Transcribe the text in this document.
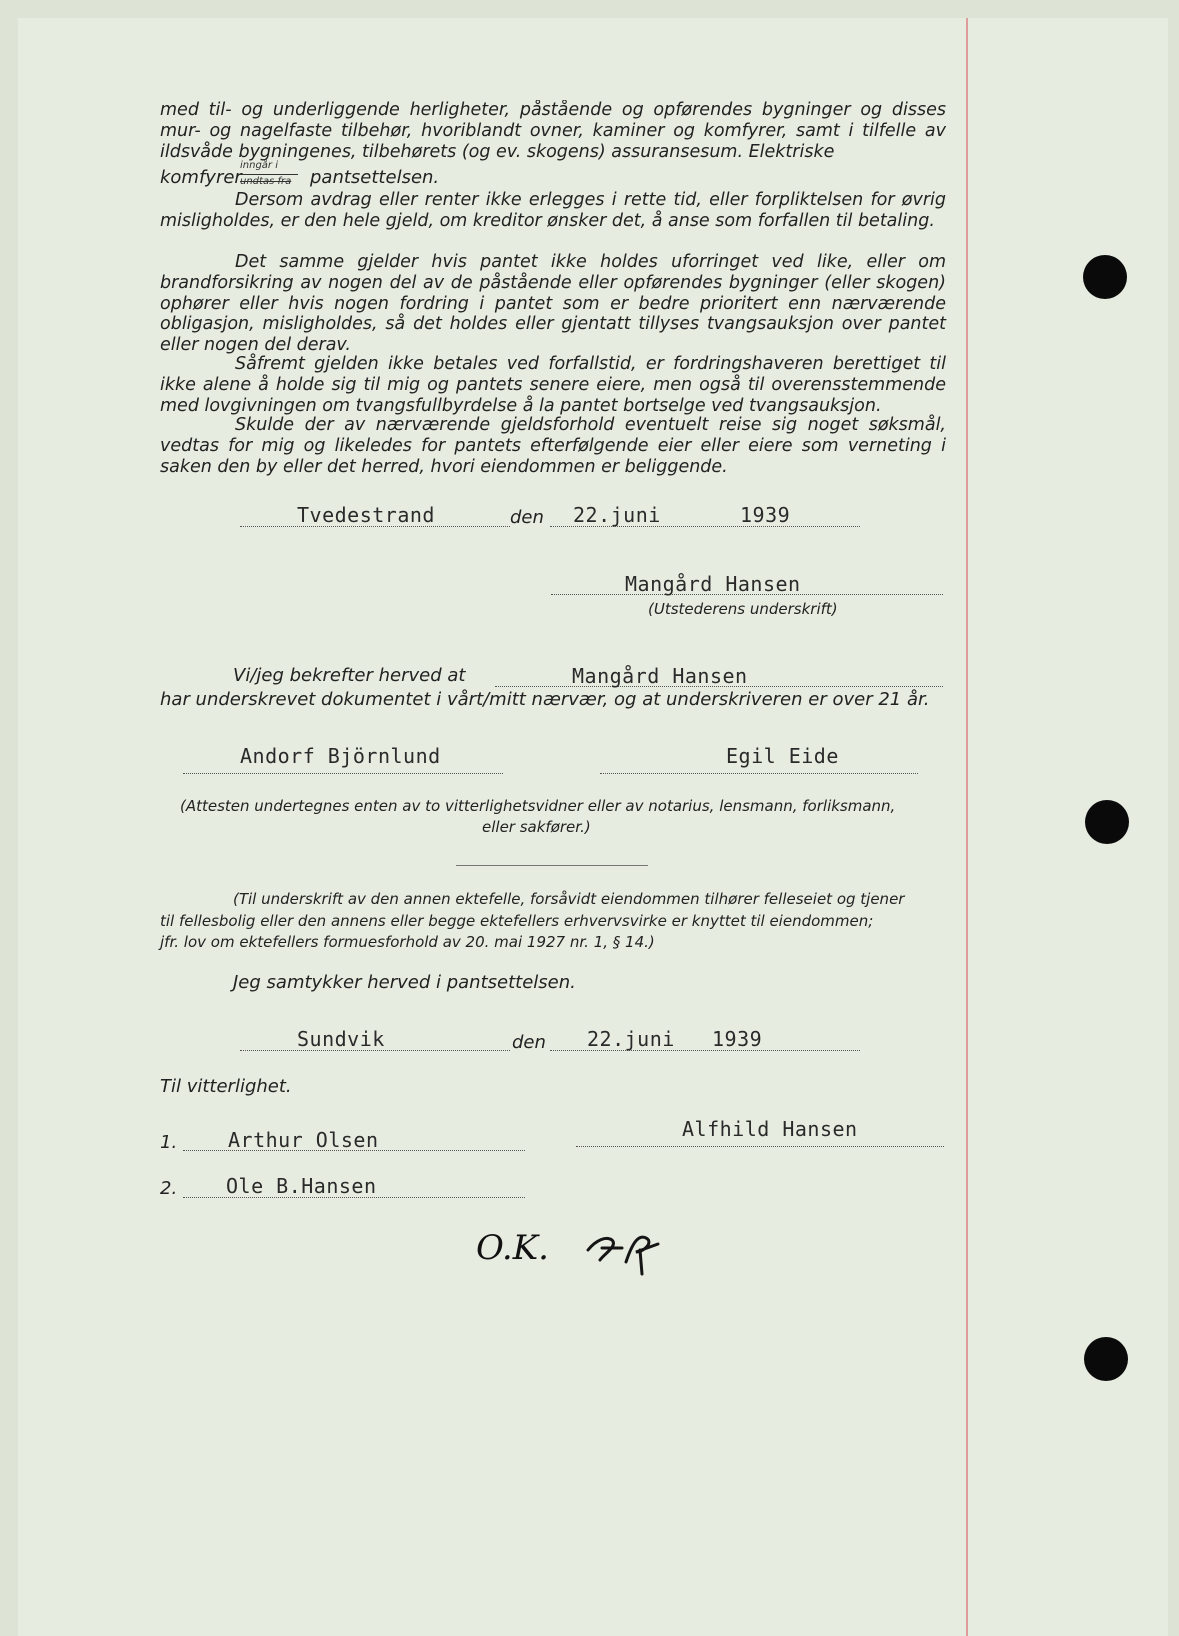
med til- og underliggende herligheter, påstående og opførendes bygninger og disses mur- og nagelfaste tilbehør, hvoriblandt ovner, kaminer og komfyrer, samt i tilfelle av ildsvåde bygningenes, tilbehørets (og ev. skogens) assuransesum. Elektriske
komfyrer
inngår i
undtas fra pantsettelsen.
Dersom avdrag eller renter ikke erlegges i rette tid, eller forpliktelsen for øvrig misligholdes, er den hele gjeld, om kreditor ønsker det, å anse som forfallen til betaling.
Det samme gjelder hvis pantet ikke holdes uforringet ved like, eller om brandforsikring av nogen del av de påstående eller opførendes bygninger (eller skogen) ophører eller hvis nogen fordring i pantet som er bedre prioritert enn nærværende obligasjon, misligholdes, så det holdes eller gjentatt tillyses tvangsauksjon over pantet eller nogen del derav.
Såfremt gjelden ikke betales ved forfallstid, er fordringshaveren berettiget til ikke alene å holde sig til mig og pantets senere eiere, men også til overensstemmende med lovgivningen om tvangsfullbyrdelse å la pantet bortselge ved tvangsauksjon.
Skulde der av nærværende gjeldsforhold eventuelt reise sig noget søksmål, vedtas for mig og likeledes for pantets efterfølgende eier eller eiere som verneting i saken den by eller det herred, hvori eiendommen er beliggende.
Tvedestrand	den 22.juni	1939
Mangård Hansen
(Utstederens underskrift)
Vi/jeg bekrefter herved at	Mangård Hansen
har underskrevet dokumentet i vårt/mitt nærvær, og at underskriveren er over 21 år.
Andorf Björnlund	Egil Eide
(Attesten undertegnes enten av to vitterlighetsvidner eller av notarius, lensmann, forliksmann,
eller sakfører.)
(Til underskrift av den annen ektefelle, forsåvidt eiendommen tilhører felleseiet og tjener
til fellesbolig eller den annens eller begge ektefellers erhvervsvirke er knyttet til eiendommen;
jfr. lov om ektefellers formuesforhold av 20. mai 1927 nr. 1, § 14.)
Jeg samtykker herved i pantsettelsen.
Sundvik	den 22.juni 1939
Til vitterlighet.
1.	Arthur Olsen
2. Ole B.Hansen
Alfhild Hansen
O.K.
